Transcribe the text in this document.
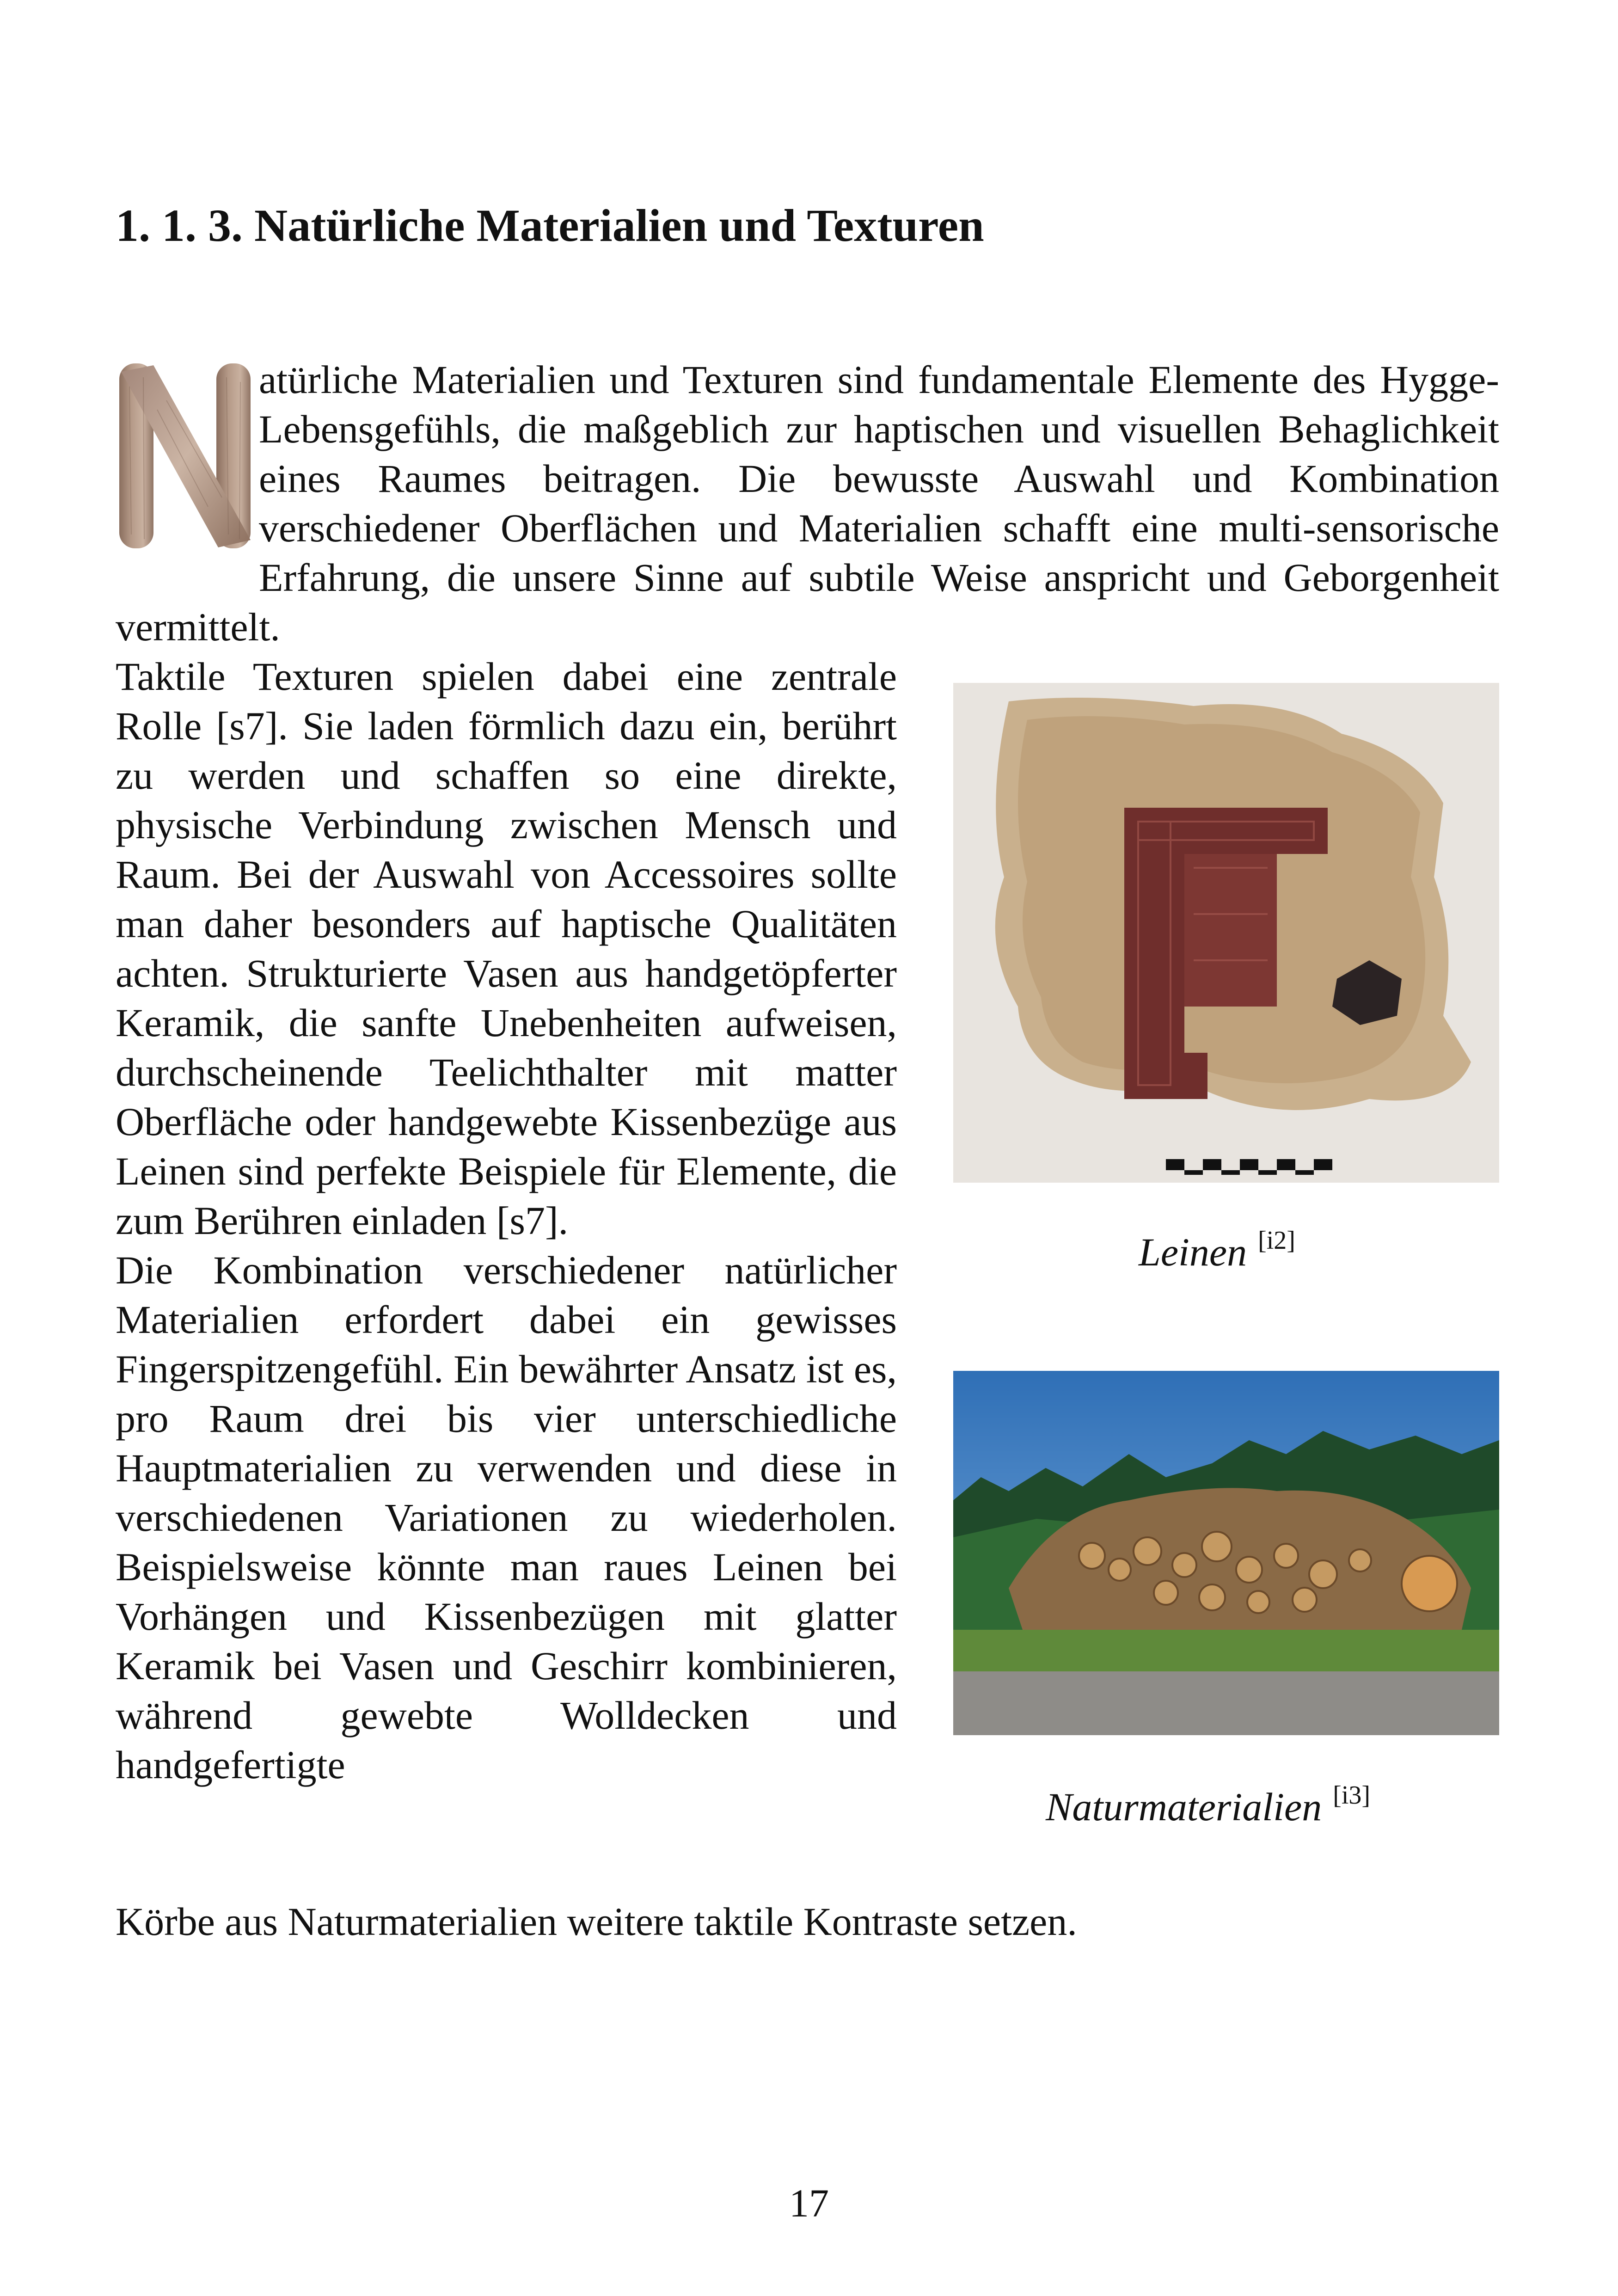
1. 1. 3. Natürliche Materialien und Texturen
atürliche Materialien und Texturen sind fundamentale Elemente des Hygge-Lebensgefühls, die maßgeblich zur haptischen und visuellen Behaglichkeit eines Raumes beitragen. Die bewusste Auswahl und Kombination verschiedener Oberflächen und Materialien schafft eine multi-sensorische Erfahrung, die unsere Sinne auf subtile Weise anspricht und Geborgenheit vermittelt.

Taktile Texturen spielen dabei eine zentrale Rolle [s7]. Sie laden förmlich dazu ein, berührt zu werden und schaffen so eine direkte, physische Verbindung zwischen Mensch und Raum. Bei der Auswahl von Accessoires sollte man daher besonders auf haptische Qualitäten achten. Strukturierte Vasen aus handgetöpferter Keramik, die sanfte Unebenheiten aufweisen, durchscheinende Teelichthalter mit matter Oberfläche oder handgewebte Kissenbezüge aus Leinen sind perfekte Beispiele für Elemente, die zum Berühren einladen [s7].

Die Kombination verschiedener natürlicher Materialien erfordert dabei ein gewisses Fingerspitzengefühl. Ein bewährter Ansatz ist es, pro Raum drei bis vier unterschiedliche Hauptmaterialien zu verwenden und diese in verschiedenen Variationen zu wiederholen. Beispielsweise könnte man raues Leinen bei Vorhängen und Kissenbezügen mit glatter Keramik bei Vasen und Geschirr kombinieren, während gewebte Wolldecken und handgefertigte

Körbe aus Naturmaterialien weitere taktile Kontraste setzen.
Leinen [i2]
Naturmaterialien [i3]
17
